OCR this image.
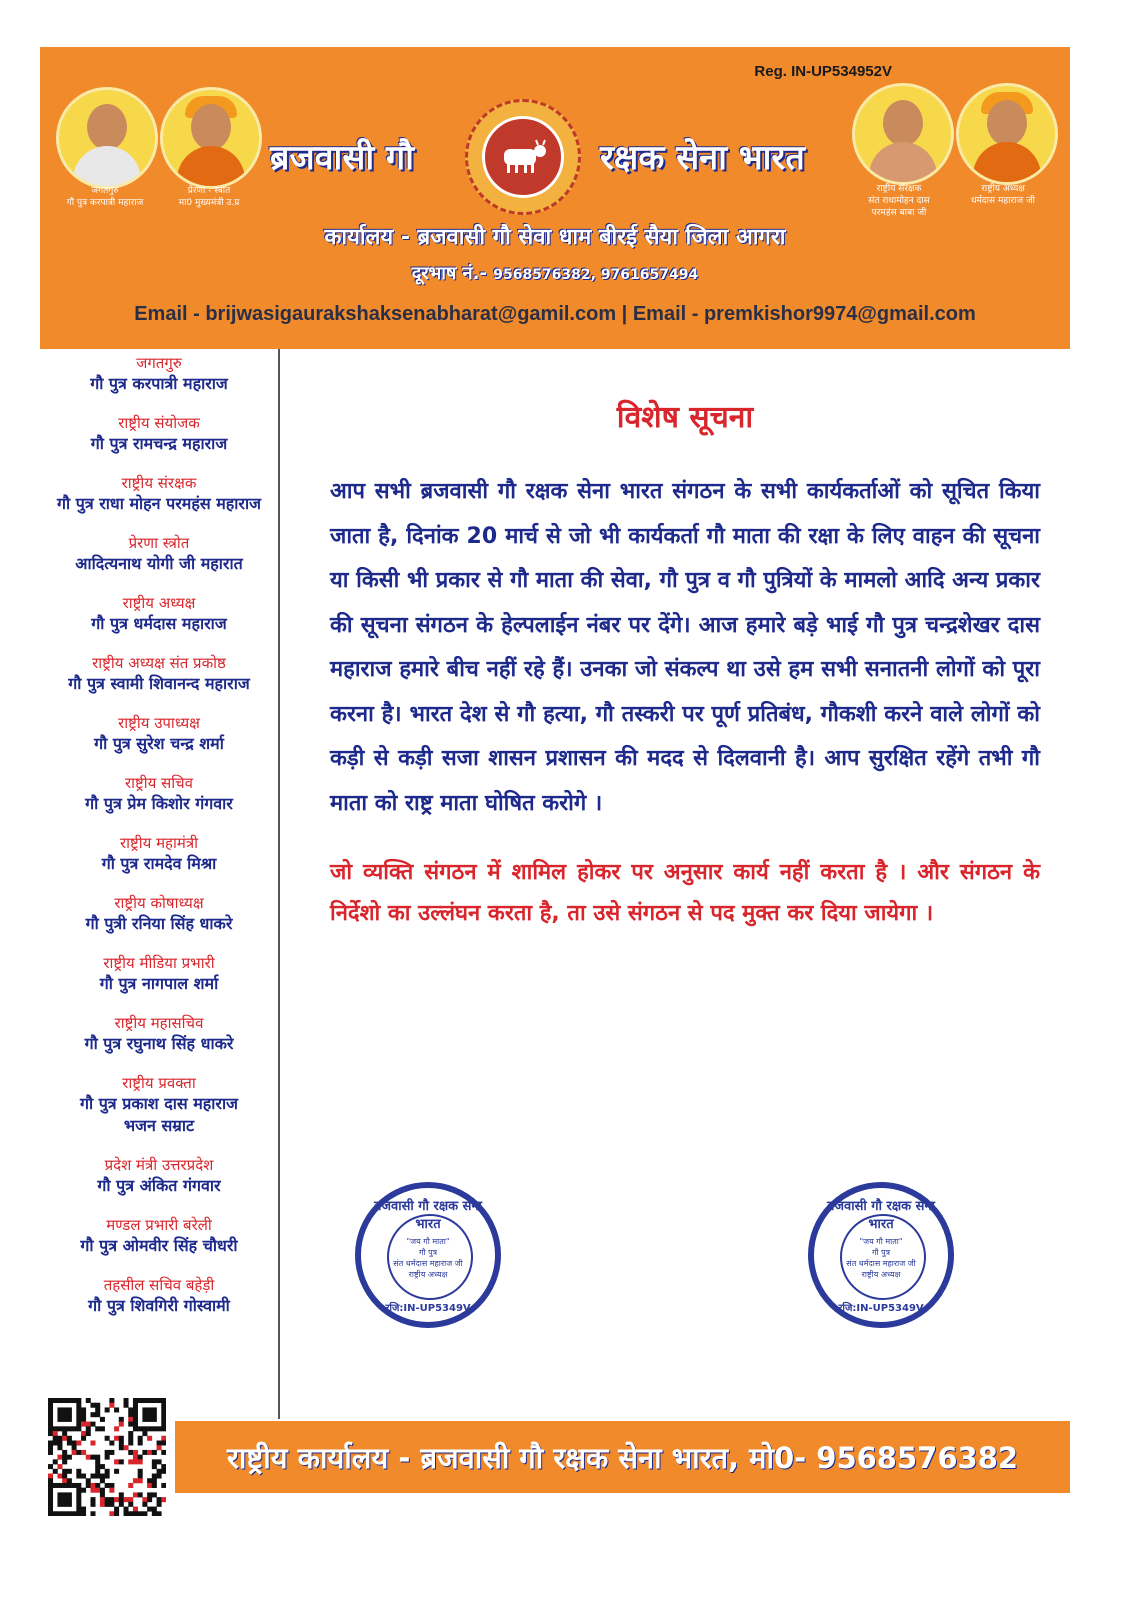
Reg. IN-UP534952V
जगतगुरु
गौ पुत्र करपात्री महाराज
प्रेरणा - स्त्रोत
मा0 मुख्यमंत्री उ.प्र
ब्रजवासी गौ	रक्षक सेना भारत
राष्ट्रीय संरक्षक
संत राधामोहन दास
परमहंस बाबा जी
राष्ट्रीय अध्यक्ष
धर्मदास महाराज जी
कार्यालय - ब्रजवासी गौ सेवा धाम बीरई सैया जिला आगरा
दूरभाष नं.- 9568576382, 9761657494
Email - brijwasigaurakshaksenabharat@gamil.com | Email - premkishor9974@gmail.com
जगतगुरु
गौ पुत्र करपात्री महाराज
राष्ट्रीय संयोजक
गौ पुत्र रामचन्द्र महाराज
राष्ट्रीय संरक्षक
गौ पुत्र राधा मोहन परमहंस महाराज
प्रेरणा स्त्रोत
आदित्यनाथ योगी जी महारात
राष्ट्रीय अध्यक्ष
गौ पुत्र धर्मदास महाराज
राष्ट्रीय अध्यक्ष संत प्रकोष्ठ
गौ पुत्र स्वामी शिवानन्द महाराज
राष्ट्रीय उपाध्यक्ष
गौ पुत्र सुरेश चन्द्र शर्मा
राष्ट्रीय सचिव
गौ पुत्र प्रेम किशोर गंगवार
राष्ट्रीय महामंत्री
गौ पुत्र रामदेव मिश्रा
राष्ट्रीय कोषाध्यक्ष
गौ पुत्री रनिया सिंह धाकरे
राष्ट्रीय मीडिया प्रभारी
गौ पुत्र नागपाल शर्मा
राष्ट्रीय महासचिव
गौ पुत्र रघुनाथ सिंह धाकरे
राष्ट्रीय प्रवक्ता
गौ पुत्र प्रकाश दास महाराज
भजन सम्राट
प्रदेश मंत्री उत्तरप्रदेश
गौ पुत्र अंकित गंगवार
मण्डल प्रभारी बरेली
गौ पुत्र ओमवीर सिंह चौधरी
तहसील सचिव बहेड़ी
गौ पुत्र शिवगिरी गोस्वामी
विशेष सूचना
आप सभी ब्रजवासी गौ रक्षक सेना भारत संगठन के सभी कार्यकर्ताओं को सूचित किया जाता है, दिनांक 20 मार्च से जो भी कार्यकर्ता गौ माता की रक्षा के लिए वाहन की सूचना या किसी भी प्रकार से गौ माता की सेवा, गौ पुत्र व गौ पुत्रियों के मामलो आदि अन्य प्रकार की सूचना संगठन के हेल्पलाईन नंबर पर देंगे। आज हमारे बड़े भाई गौ पुत्र चन्द्रशेखर दास महाराज हमारे बीच नहीं रहे हैं। उनका जो संकल्प था उसे हम सभी सनातनी लोगों को पूरा करना है। भारत देश से गौ हत्या, गौ तस्करी पर पूर्ण प्रतिबंध, गौकशी करने वाले लोगों को कड़ी से कड़ी सजा शासन प्रशासन की मदद से दिलवानी है। आप सुरक्षित रहेंगे तभी गौ माता को राष्ट्र माता घोषित करोगे ।
जो व्यक्ति संगठन में शामिल होकर पर अनुसार कार्य नहीं करता है । और संगठन के निर्देशो का उल्लंघन करता है, ता उसे संगठन से पद मुक्त कर दिया जायेगा ।
ब्रजवासी गौ रक्षक सेना भारत
"जय गौ माता"
गौ पुत्र
संत धर्मदास महाराज जी
राष्ट्रीय अध्यक्ष
रजि:IN-UP5349V
ब्रजवासी गौ रक्षक सेना भारत
"जय गौ माता"
गौ पुत्र
संत धर्मदास महाराज जी
राष्ट्रीय अध्यक्ष
रजि:IN-UP5349V
राष्ट्रीय कार्यालय - ब्रजवासी गौ रक्षक सेना भारत, मो0- 9568576382
